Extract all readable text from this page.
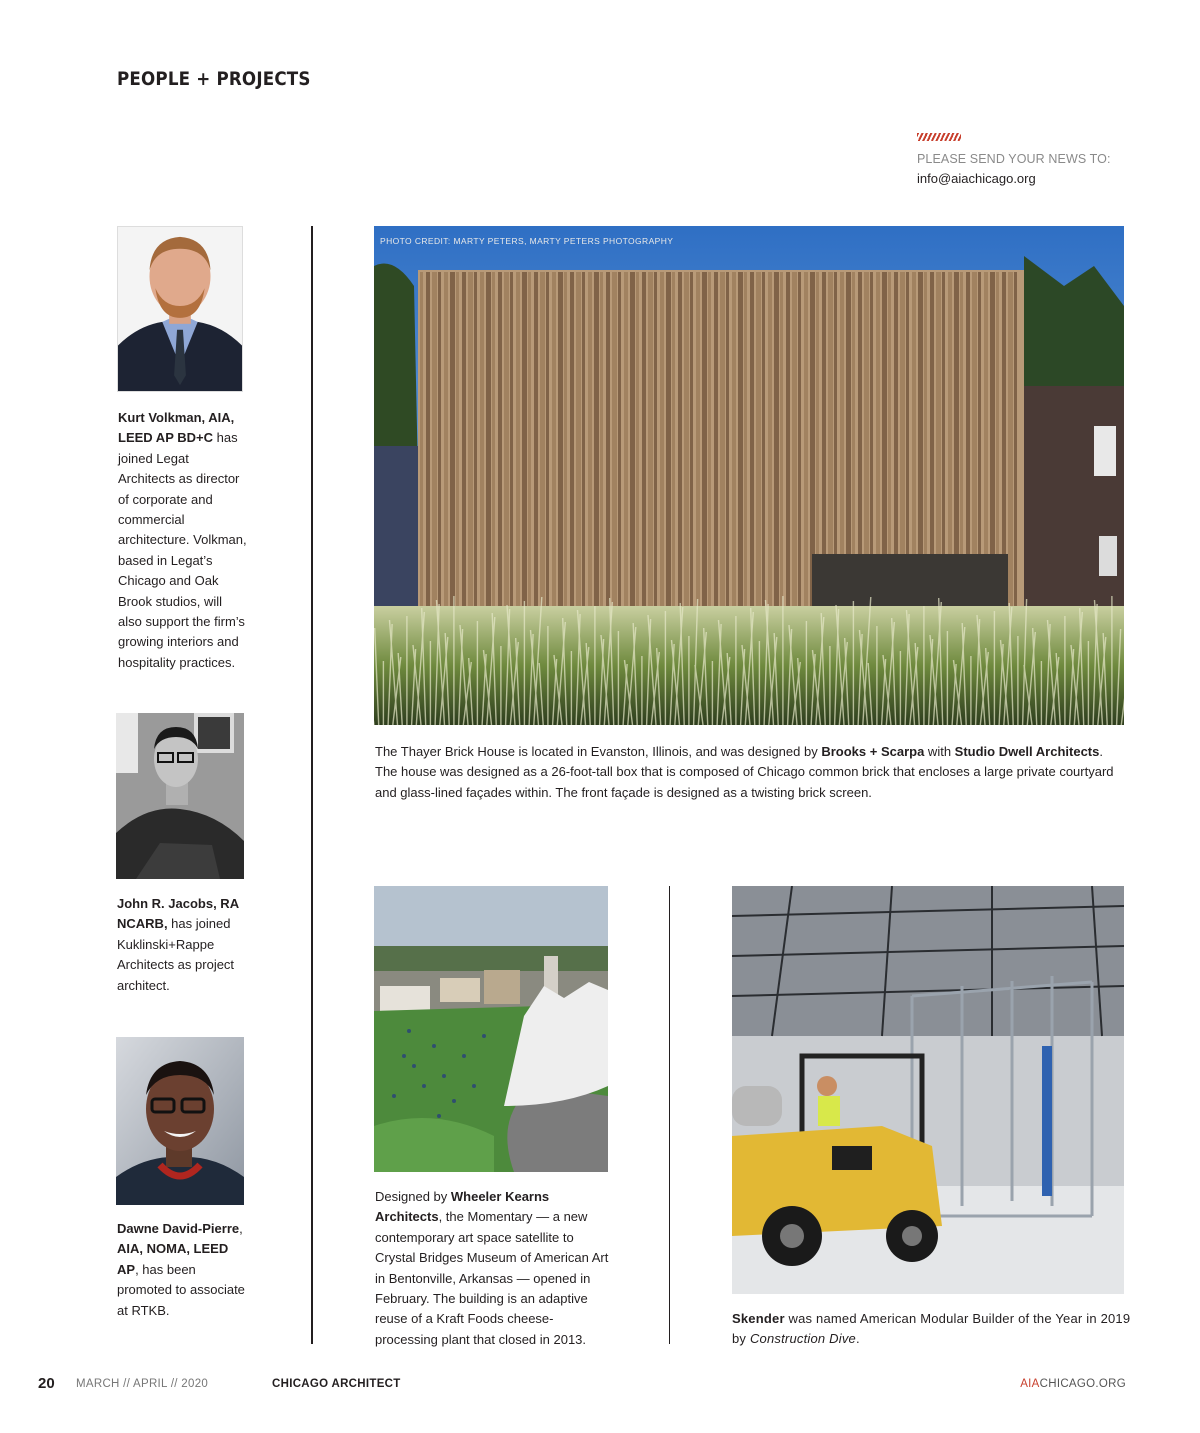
PEOPLE + PROJECTS
PLEASE SEND YOUR NEWS TO:
info@aiachicago.org
Kurt Volkman, AIA, LEED AP BD+C has joined Legat Architects as director of corporate and commercial architecture. Volkman, based in Legat’s Chicago and Oak Brook studios, will also support the firm’s growing interiors and hospitality practices.
John R. Jacobs, RA NCARB, has joined Kuklinski+Rappe Architects as project architect.
Dawne David-Pierre, AIA, NOMA, LEED AP, has been promoted to associate at RTKB.
PHOTO CREDIT: MARTY PETERS, MARTY PETERS PHOTOGRAPHY
The Thayer Brick House is located in Evanston, Illinois, and was designed by Brooks + Scarpa with Studio Dwell Architects. The house was designed as a 26-foot-tall box that is composed of Chicago common brick that encloses a large private courtyard and glass-lined façades within. The front façade is designed as a twisting brick screen.
Designed by Wheeler Kearns Architects, the Momentary — a new contemporary art space satellite to Crystal Bridges Museum of American Art in Bentonville, Arkansas — opened in February. The building is an adaptive reuse of a Kraft Foods cheese-processing plant that closed in 2013.
Skender was named American Modular Builder of the Year in 2019 by Construction Dive.
20 MARCH // APRIL // 2020	CHICAGO ARCHITECT	AIACHICAGO.ORG
